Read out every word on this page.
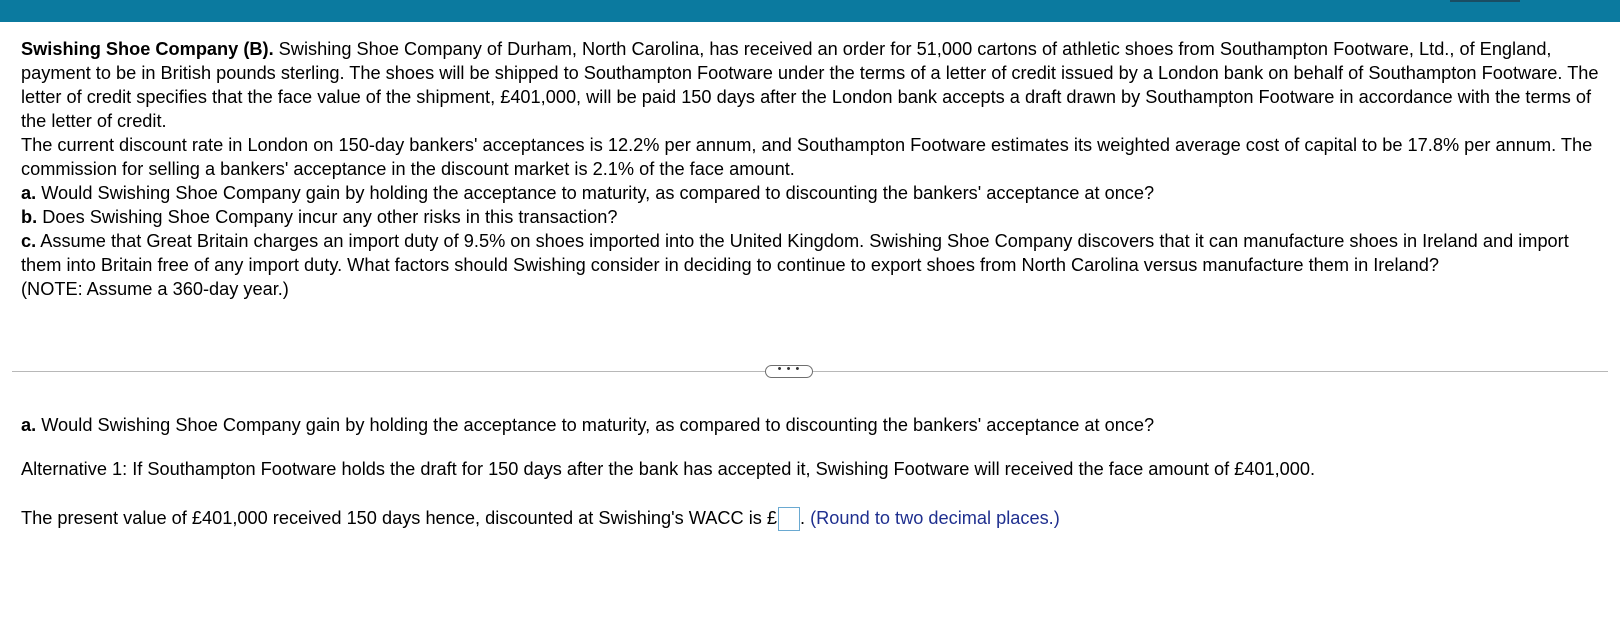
Swishing Shoe Company (B). Swishing Shoe Company of Durham, North Carolina, has received an order for 51,000 cartons of athletic shoes from Southampton Footware, Ltd., of England, payment to be in British pounds sterling. The shoes will be shipped to Southampton Footware under the terms of a letter of credit issued by a London bank on behalf of Southampton Footware. The letter of credit specifies that the face value of the shipment, £401,000, will be paid 150 days after the London bank accepts a draft drawn by Southampton Footware in accordance with the terms of the letter of credit.

The current discount rate in London on 150-day bankers' acceptances is 12.2% per annum, and Southampton Footware estimates its weighted average cost of capital to be 17.8% per annum. The commission for selling a bankers' acceptance in the discount market is 2.1% of the face amount.

a. Would Swishing Shoe Company gain by holding the acceptance to maturity, as compared to discounting the bankers' acceptance at once?

b. Does Swishing Shoe Company incur any other risks in this transaction?

c. Assume that Great Britain charges an import duty of 9.5% on shoes imported into the United Kingdom. Swishing Shoe Company discovers that it can manufacture shoes in Ireland and import them into Britain free of any import duty. What factors should Swishing consider in deciding to continue to export shoes from North Carolina versus manufacture them in Ireland?

(NOTE: Assume a 360-day year.)

• • •
a. Would Swishing Shoe Company gain by holding the acceptance to maturity, as compared to discounting the bankers' acceptance at once?
Alternative 1: If Southampton Footware holds the draft for 150 days after the bank has accepted it, Swishing Footware will received the face amount of £401,000.
The present value of £401,000 received 150 days hence, discounted at Swishing's WACC is £ . (Round to two decimal places.)
